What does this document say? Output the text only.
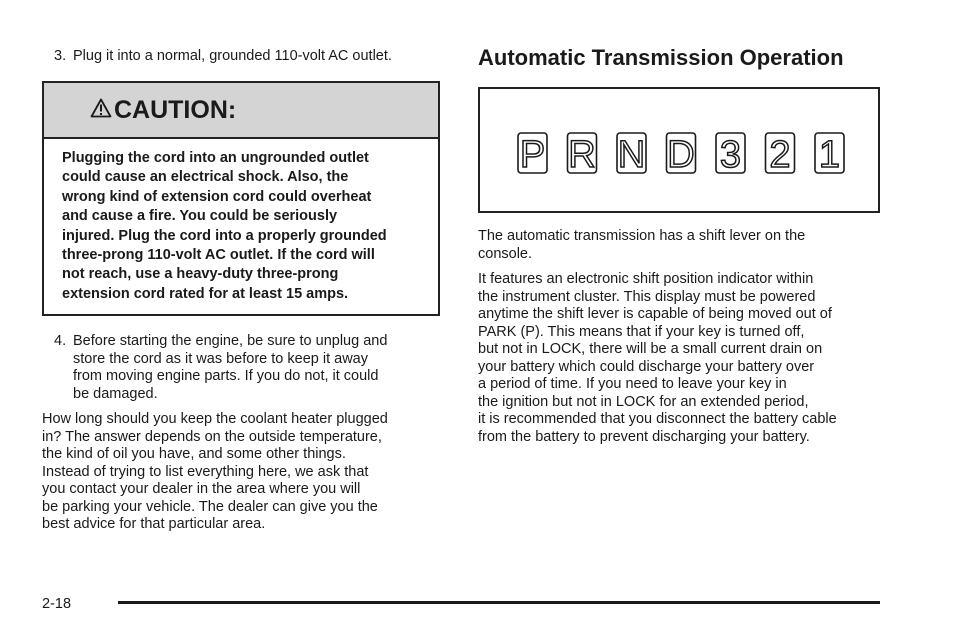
3. Plug it into a normal, grounded 110-volt AC outlet.
CAUTION:
Plugging the cord into an ungrounded outlet
could cause an electrical shock. Also, the
wrong kind of extension cord could overheat
and cause a fire. You could be seriously
injured. Plug the cord into a properly grounded
three-prong 110-volt AC outlet. If the cord will
not reach, use a heavy-duty three-prong
extension cord rated for at least 15 amps.
4. Before starting the engine, be sure to unplug and
store the cord as it was before to keep it away
from moving engine parts. If you do not, it could
be damaged.
How long should you keep the coolant heater plugged
in? The answer depends on the outside temperature,
the kind of oil you have, and some other things.
Instead of trying to list everything here, we ask that
you contact your dealer in the area where you will
be parking your vehicle. The dealer can give you the
best advice for that particular area.
Automatic Transmission Operation
P R N D 3 2 1
The automatic transmission has a shift lever on the
console.
It features an electronic shift position indicator within
the instrument cluster. This display must be powered
anytime the shift lever is capable of being moved out of
PARK (P). This means that if your key is turned off,
but not in LOCK, there will be a small current drain on
your battery which could discharge your battery over
a period of time. If you need to leave your key in
the ignition but not in LOCK for an extended period,
it is recommended that you disconnect the battery cable
from the battery to prevent discharging your battery.
2-18
